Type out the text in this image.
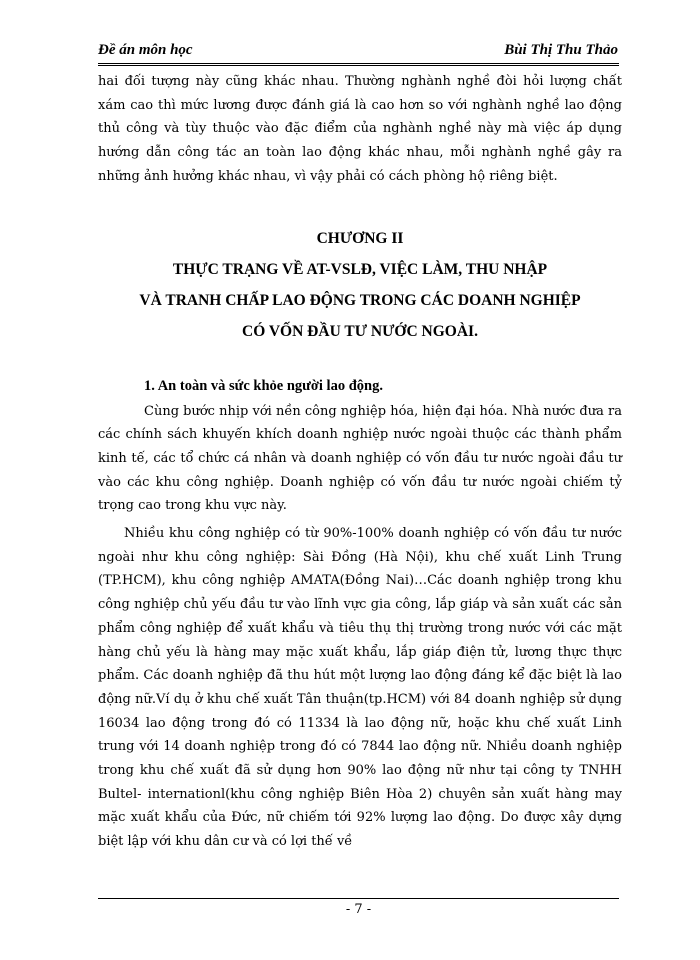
Đề án môn học	Bùi Thị Thu Thảo

hai đối tượng này cũng khác nhau. Thường nghành nghề đòi hỏi lượng chất xám cao thì mức lương được đánh giá là cao hơn so với nghành nghề lao động thủ công và tùy thuộc vào đặc điểm của nghành nghề này mà việc áp dụng hướng dẫn công tác an toàn lao động khác nhau, mỗi nghành nghề gây ra những ảnh hưởng khác nhau, vì vậy phải có cách phòng hộ riêng biệt.

CHƯƠNG II
THỰC TRẠNG VỀ AT-VSLĐ, VIỆC LÀM, THU NHẬP
VÀ TRANH CHẤP LAO ĐỘNG TRONG CÁC DOANH NGHIỆP
CÓ VỐN ĐẦU TƯ NƯỚC NGOÀI.

1. An toàn và sức khỏe người lao động.

Cùng bước nhịp với nền công nghiệp hóa, hiện đại hóa. Nhà nước đưa ra các chính sách khuyến khích doanh nghiệp nước ngoài thuộc các thành phẩm kinh tế, các tổ chức cá nhân và doanh nghiệp có vốn đầu tư nước ngoài đầu tư vào các khu công nghiệp. Doanh nghiệp có vốn đầu tư nước ngoài chiếm tỷ trọng cao trong khu vực này.

Nhiều khu công nghiệp có từ 90%-100% doanh nghiệp có vốn đầu tư nước ngoài như khu công nghiệp: Sài Đồng (Hà Nội), khu chế xuất Linh Trung (TP.HCM), khu công nghiệp AMATA(Đồng Nai)…Các doanh nghiệp trong khu công nghiệp chủ yếu đầu tư vào lĩnh vực gia công, lắp giáp và sản xuất các sản phẩm công nghiệp để xuất khẩu và tiêu thụ thị trường trong nước với các mặt hàng chủ yếu là hàng may mặc xuất khẩu, lắp giáp điện tử, lương thực thực phẩm. Các doanh nghiệp đã thu hút một lượng lao động đáng kể đặc biệt là lao động nữ.Ví dụ ở khu chế xuất Tân thuận(tp.HCM) với 84 doanh nghiệp sử dụng 16034 lao động trong đó có 11334 là lao động nữ, hoặc khu chế xuất Linh trung với 14 doanh nghiệp trong đó có 7844 lao động nữ. Nhiều doanh nghiệp trong khu chế xuất đã sử dụng hơn 90% lao động nữ như tại công ty TNHH Bultel- internationl(khu công nghiệp Biên Hòa 2) chuyên sản xuất hàng may mặc xuất khẩu của Đức, nữ chiếm tới 92% lượng lao động. Do được xây dựng biệt lập với khu dân cư và có lợi thế về

- 7 -
